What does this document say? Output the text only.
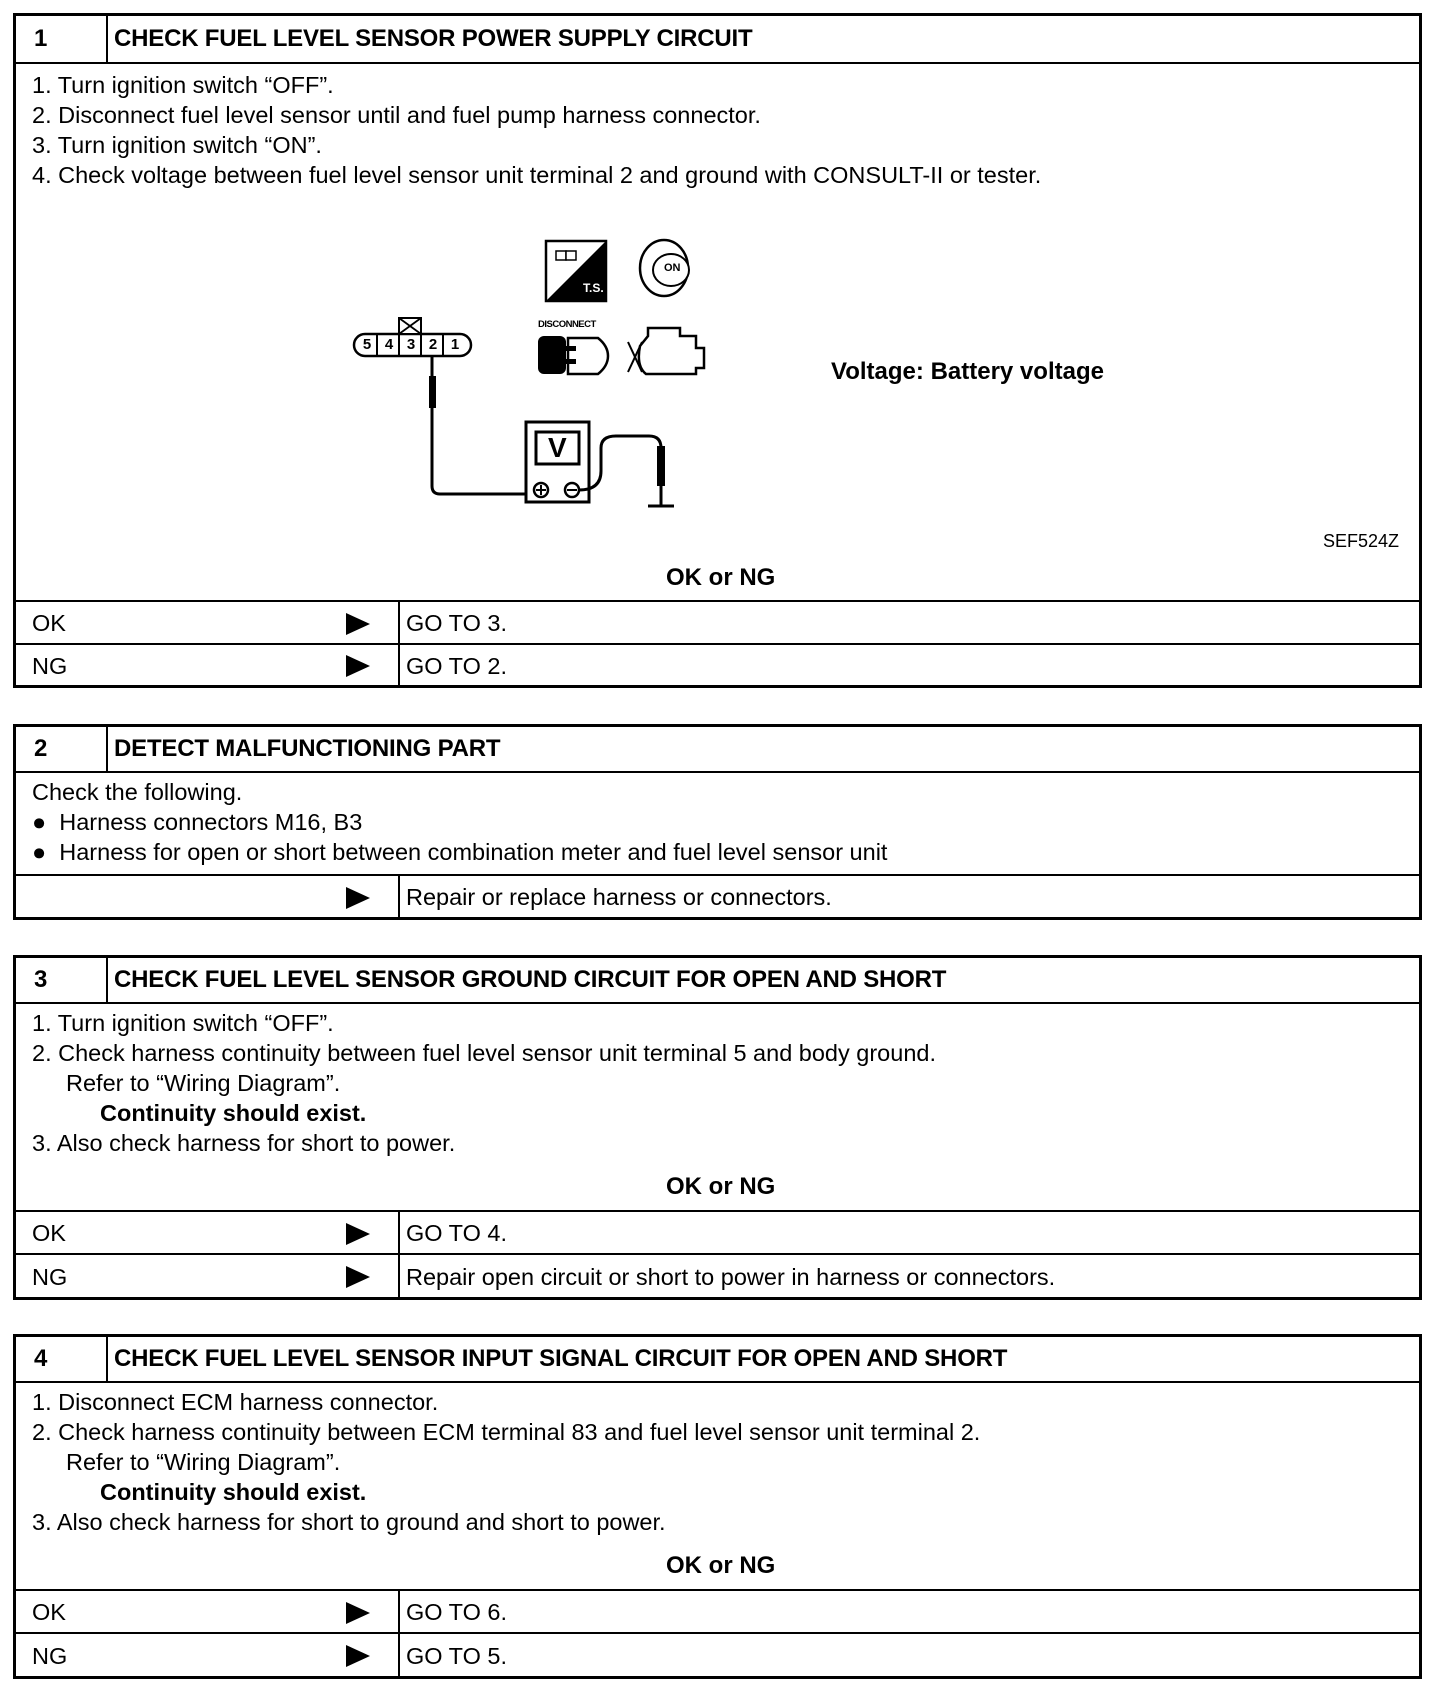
1	CHECK FUEL LEVEL SENSOR POWER SUPPLY CIRCUIT
1. Turn ignition switch “OFF”.
2. Disconnect fuel level sensor until and fuel pump harness connector.
3. Turn ignition switch “ON”.
4. Check voltage between fuel level sensor unit terminal 2 and ground with CONSULT-II or tester.
T.S.
ON
DISCONNECT
5 4 3 2 1
V
Voltage: Battery voltage
SEF524Z
OK or NG
OK	GO TO 3.
NG	GO TO 2.
2	DETECT MALFUNCTIONING PART
Check the following.
●  Harness connectors M16, B3
●  Harness for open or short between combination meter and fuel level sensor unit
Repair or replace harness or connectors.
3	CHECK FUEL LEVEL SENSOR GROUND CIRCUIT FOR OPEN AND SHORT
1. Turn ignition switch “OFF”.
2. Check harness continuity between fuel level sensor unit terminal 5 and body ground.
Refer to “Wiring Diagram”.
Continuity should exist.
3. Also check harness for short to power.
OK or NG
OK	GO TO 4.
NG	Repair open circuit or short to power in harness or connectors.
4	CHECK FUEL LEVEL SENSOR INPUT SIGNAL CIRCUIT FOR OPEN AND SHORT
1. Disconnect ECM harness connector.
2. Check harness continuity between ECM terminal 83 and fuel level sensor unit terminal 2.
Refer to “Wiring Diagram”.
Continuity should exist.
3. Also check harness for short to ground and short to power.
OK or NG
OK	GO TO 6.
NG	GO TO 5.
